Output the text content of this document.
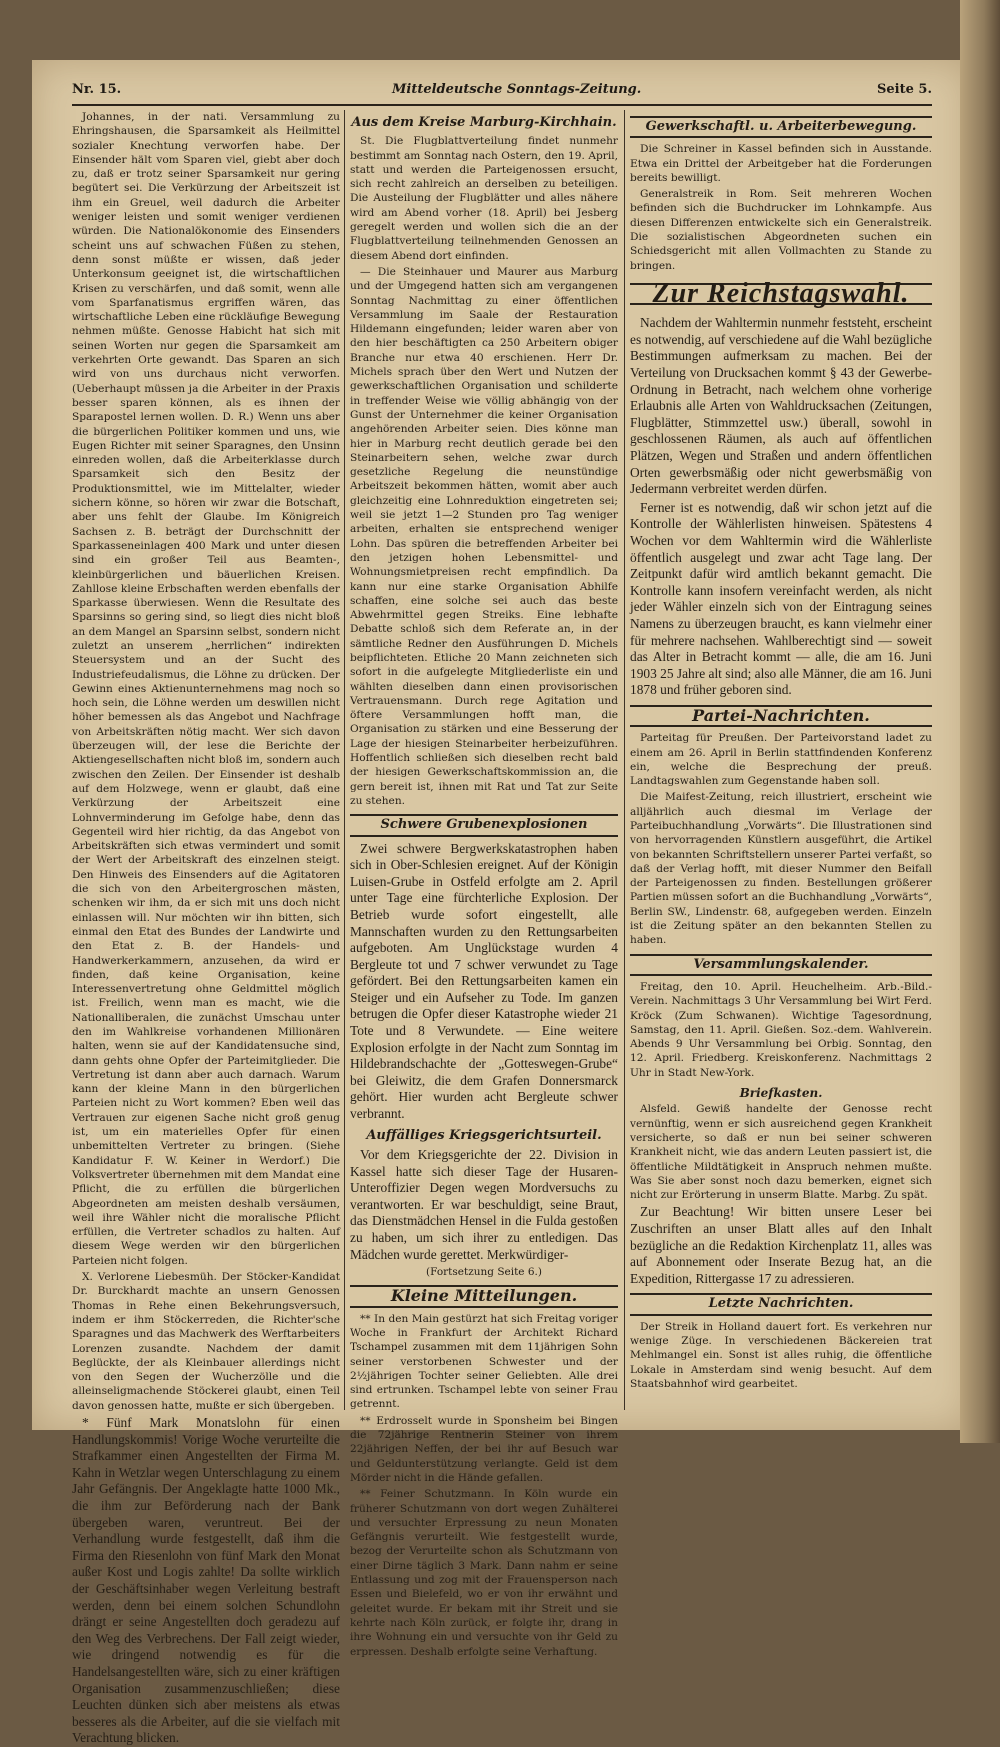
Nr. 15.	Mitteldeutsche Sonntags-Zeitung.	Seite 5.

Johannes, in der nati. Versammlung zu Ehringshausen, die Sparsamkeit als Heilmittel sozialer Knechtung verworfen habe. Der Einsender hält vom Sparen viel, giebt aber doch zu, daß er trotz seiner Sparsamkeit nur gering begütert sei. Die Verkürzung der Arbeitszeit ist ihm ein Greuel, weil dadurch die Arbeiter weniger leisten und somit weniger verdienen würden. Die Nationalökonomie des Einsenders scheint uns auf schwachen Füßen zu stehen, denn sonst müßte er wissen, daß jeder Unterkonsum geeignet ist, die wirtschaftlichen Krisen zu verschärfen, und daß somit, wenn alle vom Sparfanatismus ergriffen wären, das wirtschaftliche Leben eine rückläufige Bewegung nehmen müßte. Genosse Habicht hat sich mit seinen Worten nur gegen die Sparsamkeit am verkehrten Orte gewandt. Das Sparen an sich wird von uns durchaus nicht verworfen. (Ueberhaupt müssen ja die Arbeiter in der Praxis besser sparen können, als es ihnen der Sparapostel lernen wollen. D. R.) Wenn uns aber die bürgerlichen Politiker kommen und uns, wie Eugen Richter mit seiner Sparagnes, den Unsinn einreden wollen, daß die Arbeiterklasse durch Sparsamkeit sich den Besitz der Produktionsmittel, wie im Mittelalter, wieder sichern könne, so hören wir zwar die Botschaft, aber uns fehlt der Glaube. Im Königreich Sachsen z. B. beträgt der Durchschnitt der Sparkasseneinlagen 400 Mark und unter diesen sind ein großer Teil aus Beamten-, kleinbürgerlichen und bäuerlichen Kreisen. Zahllose kleine Erbschaften werden ebenfalls der Sparkasse überwiesen. Wenn die Resultate des Sparsinns so gering sind, so liegt dies nicht bloß an dem Mangel an Sparsinn selbst, sondern nicht zuletzt an unserem „herrlichen“ indirekten Steuersystem und an der Sucht des Industriefeudalismus, die Löhne zu drücken. Der Gewinn eines Aktienunternehmens mag noch so hoch sein, die Löhne werden um deswillen nicht höher bemessen als das Angebot und Nachfrage von Arbeitskräften nötig macht. Wer sich davon überzeugen will, der lese die Berichte der Aktiengesellschaften nicht bloß im, sondern auch zwischen den Zeilen. Der Einsender ist deshalb auf dem Holzwege, wenn er glaubt, daß eine Verkürzung der Arbeitszeit eine Lohnverminderung im Gefolge habe, denn das Gegenteil wird hier richtig, da das Angebot von Arbeitskräften sich etwas vermindert und somit der Wert der Arbeitskraft des einzelnen steigt. Den Hinweis des Einsenders auf die Agitatoren die sich von den Arbeitergroschen mästen, schenken wir ihm, da er sich mit uns doch nicht einlassen will. Nur möchten wir ihn bitten, sich einmal den Etat des Bundes der Landwirte und den Etat z. B. der Handels- und Handwerkerkammern, anzusehen, da wird er finden, daß keine Organisation, keine Interessenvertretung ohne Geldmittel möglich ist. Freilich, wenn man es macht, wie die Nationalliberalen, die zunächst Umschau unter den im Wahlkreise vorhandenen Millionären halten, wenn sie auf der Kandidatensuche sind, dann gehts ohne Opfer der Parteimitglieder. Die Vertretung ist dann aber auch darnach. Warum kann der kleine Mann in den bürgerlichen Parteien nicht zu Wort kommen? Eben weil das Vertrauen zur eigenen Sache nicht groß genug ist, um ein materielles Opfer für einen unbemittelten Vertreter zu bringen. (Siehe Kandidatur F. W. Keiner in Werdorf.) Die Volksvertreter übernehmen mit dem Mandat eine Pflicht, die zu erfüllen die bürgerlichen Abgeordneten am meisten deshalb versäumen, weil ihre Wähler nicht die moralische Pflicht erfüllen, die Vertreter schadlos zu halten. Auf diesem Wege werden wir den bürgerlichen Parteien nicht folgen.

X. Verlorene Liebesmüh. Der Stöcker-Kandidat Dr. Burckhardt machte an unsern Genossen Thomas in Rehe einen Bekehrungsversuch, indem er ihm Stöckerreden, die Richter'sche Sparagnes und das Machwerk des Werftarbeiters Lorenzen zusandte. Nachdem der damit Beglückte, der als Kleinbauer allerdings nicht von den Segen der Wucherzölle und die alleinseligmachende Stöckerei glaubt, einen Teil davon genossen hatte, mußte er sich übergeben.

* Fünf Mark Monatslohn für einen Handlungskommis! Vorige Woche verurteilte die Strafkammer einen Angestellten der Firma M. Kahn in Wetzlar wegen Unterschlagung zu einem Jahr Gefängnis. Der Angeklagte hatte 1000 Mk., die ihm zur Beförderung nach der Bank übergeben waren, veruntreut. Bei der Verhandlung wurde festgestellt, daß ihm die Firma den Riesenlohn von fünf Mark den Monat außer Kost und Logis zahlte! Da sollte wirklich der Geschäftsinhaber wegen Verleitung bestraft werden, denn bei einem solchen Schundlohn drängt er seine Angestellten doch geradezu auf den Weg des Verbrechens. Der Fall zeigt wieder, wie dringend notwendig es für die Handelsangestellten wäre, sich zu einer kräftigen Organisation zusammenzuschließen; diese Leuchten dünken sich aber meistens als etwas besseres als die Arbeiter, auf die sie vielfach mit Verachtung blicken.

Aus dem Kreise Marburg-Kirchhain.

St. Die Flugblattverteilung findet nunmehr bestimmt am Sonntag nach Ostern, den 19. April, statt und werden die Parteigenossen ersucht, sich recht zahlreich an derselben zu beteiligen. Die Austeilung der Flugblätter und alles nähere wird am Abend vorher (18. April) bei Jesberg geregelt werden und wollen sich die an der Flugblattverteilung teilnehmenden Genossen an diesem Abend dort einfinden.

— Die Steinhauer und Maurer aus Marburg und der Umgegend hatten sich am vergangenen Sonntag Nachmittag zu einer öffentlichen Versammlung im Saale der Restauration Hildemann eingefunden; leider waren aber von den hier beschäftigten ca 250 Arbeitern obiger Branche nur etwa 40 erschienen. Herr Dr. Michels sprach über den Wert und Nutzen der gewerkschaftlichen Organisation und schilderte in treffender Weise wie völlig abhängig von der Gunst der Unternehmer die keiner Organisation angehörenden Arbeiter seien. Dies könne man hier in Marburg recht deutlich gerade bei den Steinarbeitern sehen, welche zwar durch gesetzliche Regelung die neunstündige Arbeitszeit bekommen hätten, womit aber auch gleichzeitig eine Lohnreduktion eingetreten sei; weil sie jetzt 1—2 Stunden pro Tag weniger arbeiten, erhalten sie entsprechend weniger Lohn. Das spüren die betreffenden Arbeiter bei den jetzigen hohen Lebensmittel- und Wohnungsmietpreisen recht empfindlich. Da kann nur eine starke Organisation Abhilfe schaffen, eine solche sei auch das beste Abwehrmittel gegen Streiks. Eine lebhafte Debatte schloß sich dem Referate an, in der sämtliche Redner den Ausführungen D. Michels beipflichteten. Etliche 20 Mann zeichneten sich sofort in die aufgelegte Mitgliederliste ein und wählten dieselben dann einen provisorischen Vertrauensmann. Durch rege Agitation und öftere Versammlungen hofft man, die Organisation zu stärken und eine Besserung der Lage der hiesigen Steinarbeiter herbeizuführen. Hoffentlich schließen sich dieselben recht bald der hiesigen Gewerkschaftskommission an, die gern bereit ist, ihnen mit Rat und Tat zur Seite zu stehen.

Schwere Grubenexplosionen

Zwei schwere Bergwerkskatastrophen haben sich in Ober-Schlesien ereignet. Auf der Königin Luisen-Grube in Ostfeld erfolgte am 2. April unter Tage eine fürchterliche Explosion. Der Betrieb wurde sofort eingestellt, alle Mannschaften wurden zu den Rettungsarbeiten aufgeboten. Am Unglückstage wurden 4 Bergleute tot und 7 schwer verwundet zu Tage gefördert. Bei den Rettungsarbeiten kamen ein Steiger und ein Aufseher zu Tode. Im ganzen betrugen die Opfer dieser Katastrophe wieder 21 Tote und 8 Verwundete. — Eine weitere Explosion erfolgte in der Nacht zum Sonntag im Hildebrandschachte der „Gotteswegen-Grube“ bei Gleiwitz, die dem Grafen Donnersmarck gehört. Hier wurden acht Bergleute schwer verbrannt.

Auffälliges Kriegsgerichtsurteil.

Vor dem Kriegsgerichte der 22. Division in Kassel hatte sich dieser Tage der Husaren-Unteroffizier Degen wegen Mordversuchs zu verantworten. Er war beschuldigt, seine Braut, das Dienstmädchen Hensel in die Fulda gestoßen zu haben, um sich ihrer zu entledigen. Das Mädchen wurde gerettet. Merkwürdiger-

(Fortsetzung Seite 6.)
Kleine Mitteilungen.

** In den Main gestürzt hat sich Freitag voriger Woche in Frankfurt der Architekt Richard Tschampel zusammen mit dem 11jährigen Sohn seiner verstorbenen Schwester und der 2½jährigen Tochter seiner Geliebten. Alle drei sind ertrunken. Tschampel lebte von seiner Frau getrennt.

** Erdrosselt wurde in Sponsheim bei Bingen die 72jährige Rentnerin Steiner von ihrem 22jährigen Neffen, der bei ihr auf Besuch war und Geldunterstützung verlangte. Geld ist dem Mörder nicht in die Hände gefallen.

** Feiner Schutzmann. In Köln wurde ein früherer Schutzmann von dort wegen Zuhälterei und versuchter Erpressung zu neun Monaten Gefängnis verurteilt. Wie festgestellt wurde, bezog der Verurteilte schon als Schutzmann von einer Dirne täglich 3 Mark. Dann nahm er seine Entlassung und zog mit der Frauensperson nach Essen und Bielefeld, wo er von ihr erwähnt und geleitet wurde. Er bekam mit ihr Streit und sie kehrte nach Köln zurück, er folgte ihr, drang in ihre Wohnung ein und versuchte von ihr Geld zu erpressen. Deshalb erfolgte seine Verhaftung.

Gewerkschaftl. u. Arbeiterbewegung.

Die Schreiner in Kassel befinden sich in Ausstande. Etwa ein Drittel der Arbeitgeber hat die Forderungen bereits bewilligt.

Generalstreik in Rom. Seit mehreren Wochen befinden sich die Buchdrucker im Lohnkampfe. Aus diesen Differenzen entwickelte sich ein Generalstreik. Die sozialistischen Abgeordneten suchen ein Schiedsgericht mit allen Vollmachten zu Stande zu bringen.

Zur Reichstagswahl.

Nachdem der Wahltermin nunmehr feststeht, erscheint es notwendig, auf verschiedene auf die Wahl bezügliche Bestimmungen aufmerksam zu machen. Bei der Verteilung von Drucksachen kommt § 43 der Gewerbe-Ordnung in Betracht, nach welchem ohne vorherige Erlaubnis alle Arten von Wahldrucksachen (Zeitungen, Flugblätter, Stimmzettel usw.) überall, sowohl in geschlossenen Räumen, als auch auf öffentlichen Plätzen, Wegen und Straßen und andern öffentlichen Orten gewerbsmäßig oder nicht gewerbsmäßig von Jedermann verbreitet werden dürfen.

Ferner ist es notwendig, daß wir schon jetzt auf die Kontrolle der Wählerlisten hinweisen. Spätestens 4 Wochen vor dem Wahltermin wird die Wählerliste öffentlich ausgelegt und zwar acht Tage lang. Der Zeitpunkt dafür wird amtlich bekannt gemacht. Die Kontrolle kann insofern vereinfacht werden, als nicht jeder Wähler einzeln sich von der Eintragung seines Namens zu überzeugen braucht, es kann vielmehr einer für mehrere nachsehen. Wahlberechtigt sind — soweit das Alter in Betracht kommt — alle, die am 16. Juni 1903 25 Jahre alt sind; also alle Männer, die am 16. Juni 1878 und früher geboren sind.

Partei-Nachrichten.

Parteitag für Preußen. Der Parteivorstand ladet zu einem am 26. April in Berlin stattfindenden Konferenz ein, welche die Besprechung der preuß. Landtagswahlen zum Gegenstande haben soll.

Die Maifest-Zeitung, reich illustriert, erscheint wie alljährlich auch diesmal im Verlage der Parteibuchhandlung „Vorwärts“. Die Illustrationen sind von hervorragenden Künstlern ausgeführt, die Artikel von bekannten Schriftstellern unserer Partei verfaßt, so daß der Verlag hofft, mit dieser Nummer den Beifall der Parteigenossen zu finden. Bestellungen größerer Partien müssen sofort an die Buchhandlung „Vorwärts“, Berlin SW., Lindenstr. 68, aufgegeben werden. Einzeln ist die Zeitung später an den bekannten Stellen zu haben.

Versammlungskalender.

Freitag, den 10. April. Heuchelheim. Arb.-Bild.-Verein. Nachmittags 3 Uhr Versammlung bei Wirt Ferd. Kröck (Zum Schwanen). Wichtige Tagesordnung, Samstag, den 11. April. Gießen. Soz.-dem. Wahlverein. Abends 9 Uhr Versammlung bei Orbig. Sonntag, den 12. April. Friedberg. Kreiskonferenz. Nachmittags 2 Uhr in Stadt New-York.

Briefkasten.

Alsfeld. Gewiß handelte der Genosse recht vernünftig, wenn er sich ausreichend gegen Krankheit versicherte, so daß er nun bei seiner schweren Krankheit nicht, wie das andern Leuten passiert ist, die öffentliche Mildtätigkeit in Anspruch nehmen mußte. Was Sie aber sonst noch dazu bemerken, eignet sich nicht zur Erörterung in unserm Blatte. Marbg. Zu spät.

Zur Beachtung! Wir bitten unsere Leser bei Zuschriften an unser Blatt alles auf den Inhalt bezügliche an die Redaktion Kirchenplatz 11, alles was auf Abonnement oder Inserate Bezug hat, an die Expedition, Rittergasse 17 zu adressieren.

Letzte Nachrichten.

Der Streik in Holland dauert fort. Es verkehren nur wenige Züge. In verschiedenen Bäckereien trat Mehlmangel ein. Sonst ist alles ruhig, die öffentliche Lokale in Amsterdam sind wenig besucht. Auf dem Staatsbahnhof wird gearbeitet.
